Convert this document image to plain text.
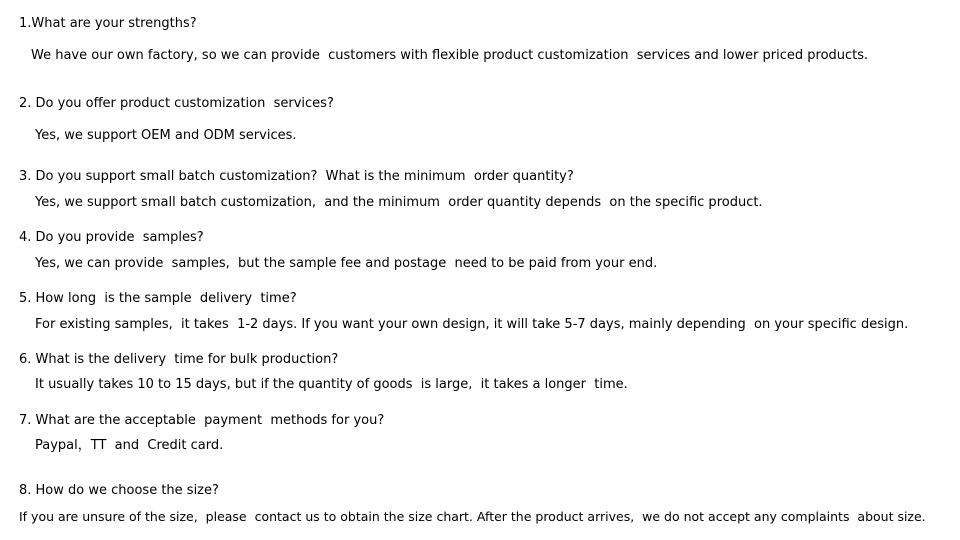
1.What are your strengths?

We have our own factory, so we can provide  customers with flexible product customization  services and lower priced products.

2. Do you offer product customization  services?

Yes, we support OEM and ODM services.

3. Do you support small batch customization?  What is the minimum  order quantity?

Yes, we support small batch customization,  and the minimum  order quantity depends  on the specific product.

4. Do you provide  samples?

Yes, we can provide  samples,  but the sample fee and postage  need to be paid from your end.

5. How long  is the sample  delivery  time?

For existing samples,  it takes  1-2 days. If you want your own design, it will take 5-7 days, mainly depending  on your specific design.

6. What is the delivery  time for bulk production?

It usually takes 10 to 15 days, but if the quantity of goods  is large,  it takes a longer  time.

7. What are the acceptable  payment  methods for you?

Paypal，TT  and  Credit card.

8. How do we choose the size?

If you are unsure of the size,  please  contact us to obtain the size chart. After the product arrives,  we do not accept any complaints  about size.
